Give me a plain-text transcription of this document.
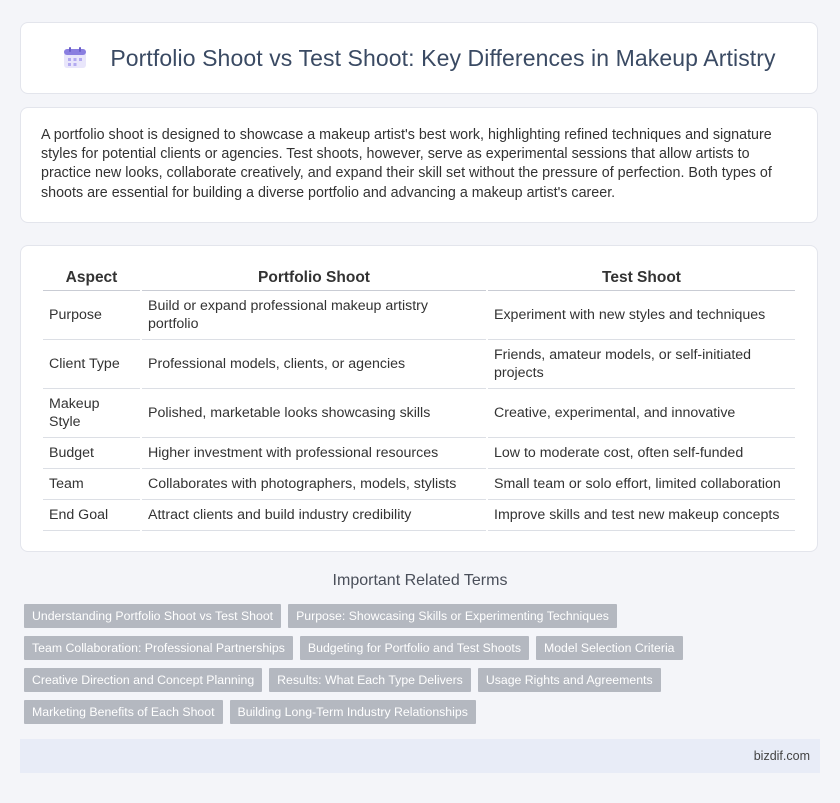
Portfolio Shoot vs Test Shoot: Key Differences in Makeup Artistry

A portfolio shoot is designed to showcase a makeup artist's best work, highlighting refined techniques and signature styles for potential clients or agencies. Test shoots, however, serve as experimental sessions that allow artists to practice new looks, collaborate creatively, and expand their skill set without the pressure of perfection. Both types of shoots are essential for building a diverse portfolio and advancing a makeup artist's career.

Aspect	Portfolio Shoot	Test Shoot
Purpose	Build or expand professional makeup artistry portfolio	Experiment with new styles and techniques
Client Type	Professional models, clients, or agencies	Friends, amateur models, or self-initiated projects
Makeup Style	Polished, marketable looks showcasing skills	Creative, experimental, and innovative
Budget	Higher investment with professional resources	Low to moderate cost, often self-funded
Team	Collaborates with photographers, models, stylists	Small team or solo effort, limited collaboration
End Goal	Attract clients and build industry credibility	Improve skills and test new makeup concepts
Important Related Terms
Understanding Portfolio Shoot vs Test Shoot	Purpose: Showcasing Skills or Experimenting Techniques
Team Collaboration: Professional Partnerships	Budgeting for Portfolio and Test Shoots	Model Selection Criteria
Creative Direction and Concept Planning	Results: What Each Type Delivers	Usage Rights and Agreements
Marketing Benefits of Each Shoot	Building Long-Term Industry Relationships
bizdif.com
